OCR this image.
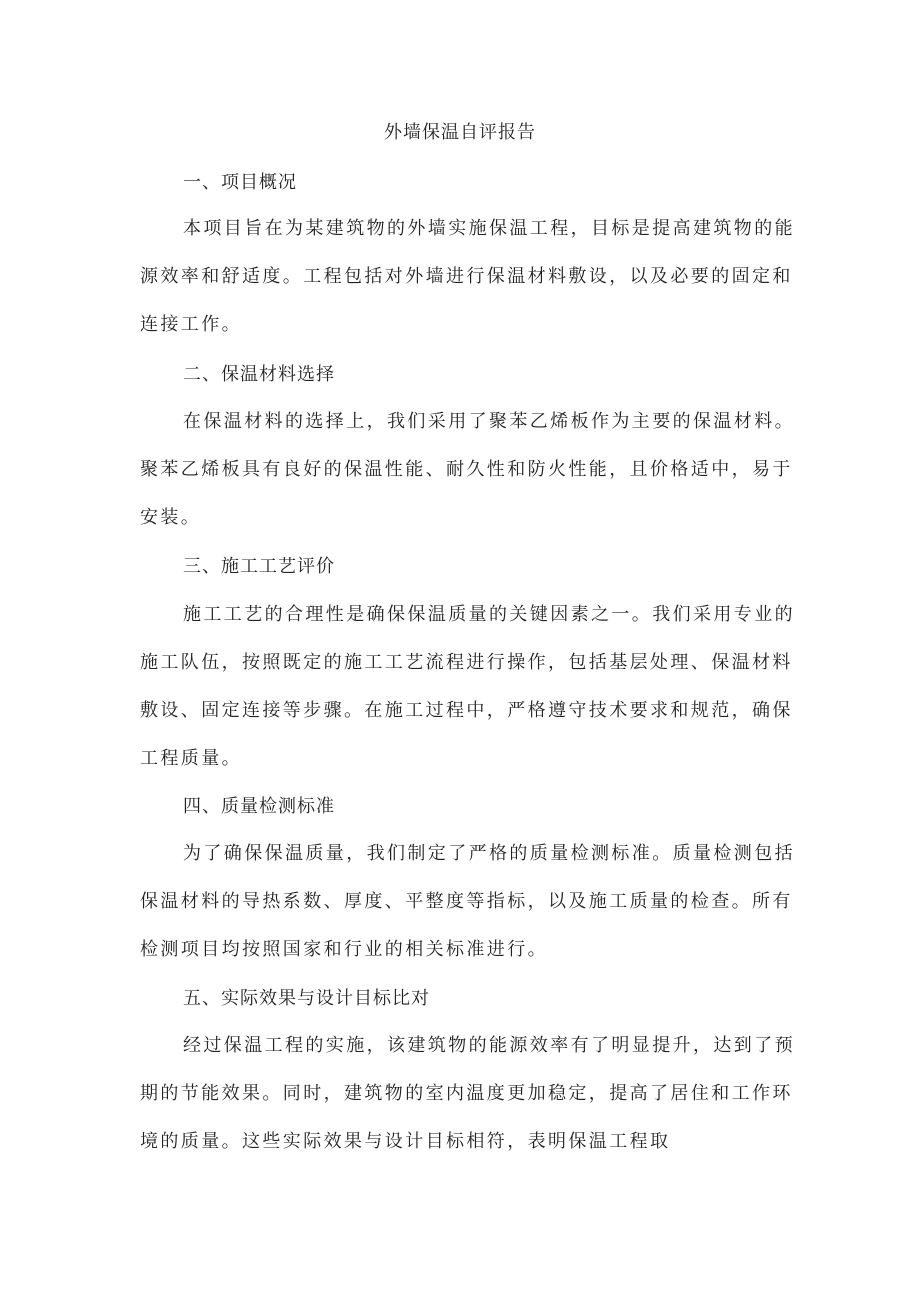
外墙保温自评报告
一、项目概况
本项目旨在为某建筑物的外墙实施保温工程，目标是提高建筑物的能
源效率和舒适度。工程包括对外墙进行保温材料敷设，以及必要的固定和
连接工作。
二、保温材料选择
在保温材料的选择上，我们采用了聚苯乙烯板作为主要的保温材料。
聚苯乙烯板具有良好的保温性能、耐久性和防火性能，且价格适中，易于
安装。
三、施工工艺评价
施工工艺的合理性是确保保温质量的关键因素之一。我们采用专业的
施工队伍，按照既定的施工工艺流程进行操作，包括基层处理、保温材料
敷设、固定连接等步骤。在施工过程中，严格遵守技术要求和规范，确保
工程质量。
四、质量检测标准
为了确保保温质量，我们制定了严格的质量检测标准。质量检测包括
保温材料的导热系数、厚度、平整度等指标，以及施工质量的检查。所有
检测项目均按照国家和行业的相关标准进行。
五、实际效果与设计目标比对
经过保温工程的实施，该建筑物的能源效率有了明显提升，达到了预
期的节能效果。同时，建筑物的室内温度更加稳定，提高了居住和工作环
境的质量。这些实际效果与设计目标相符，表明保温工程取
